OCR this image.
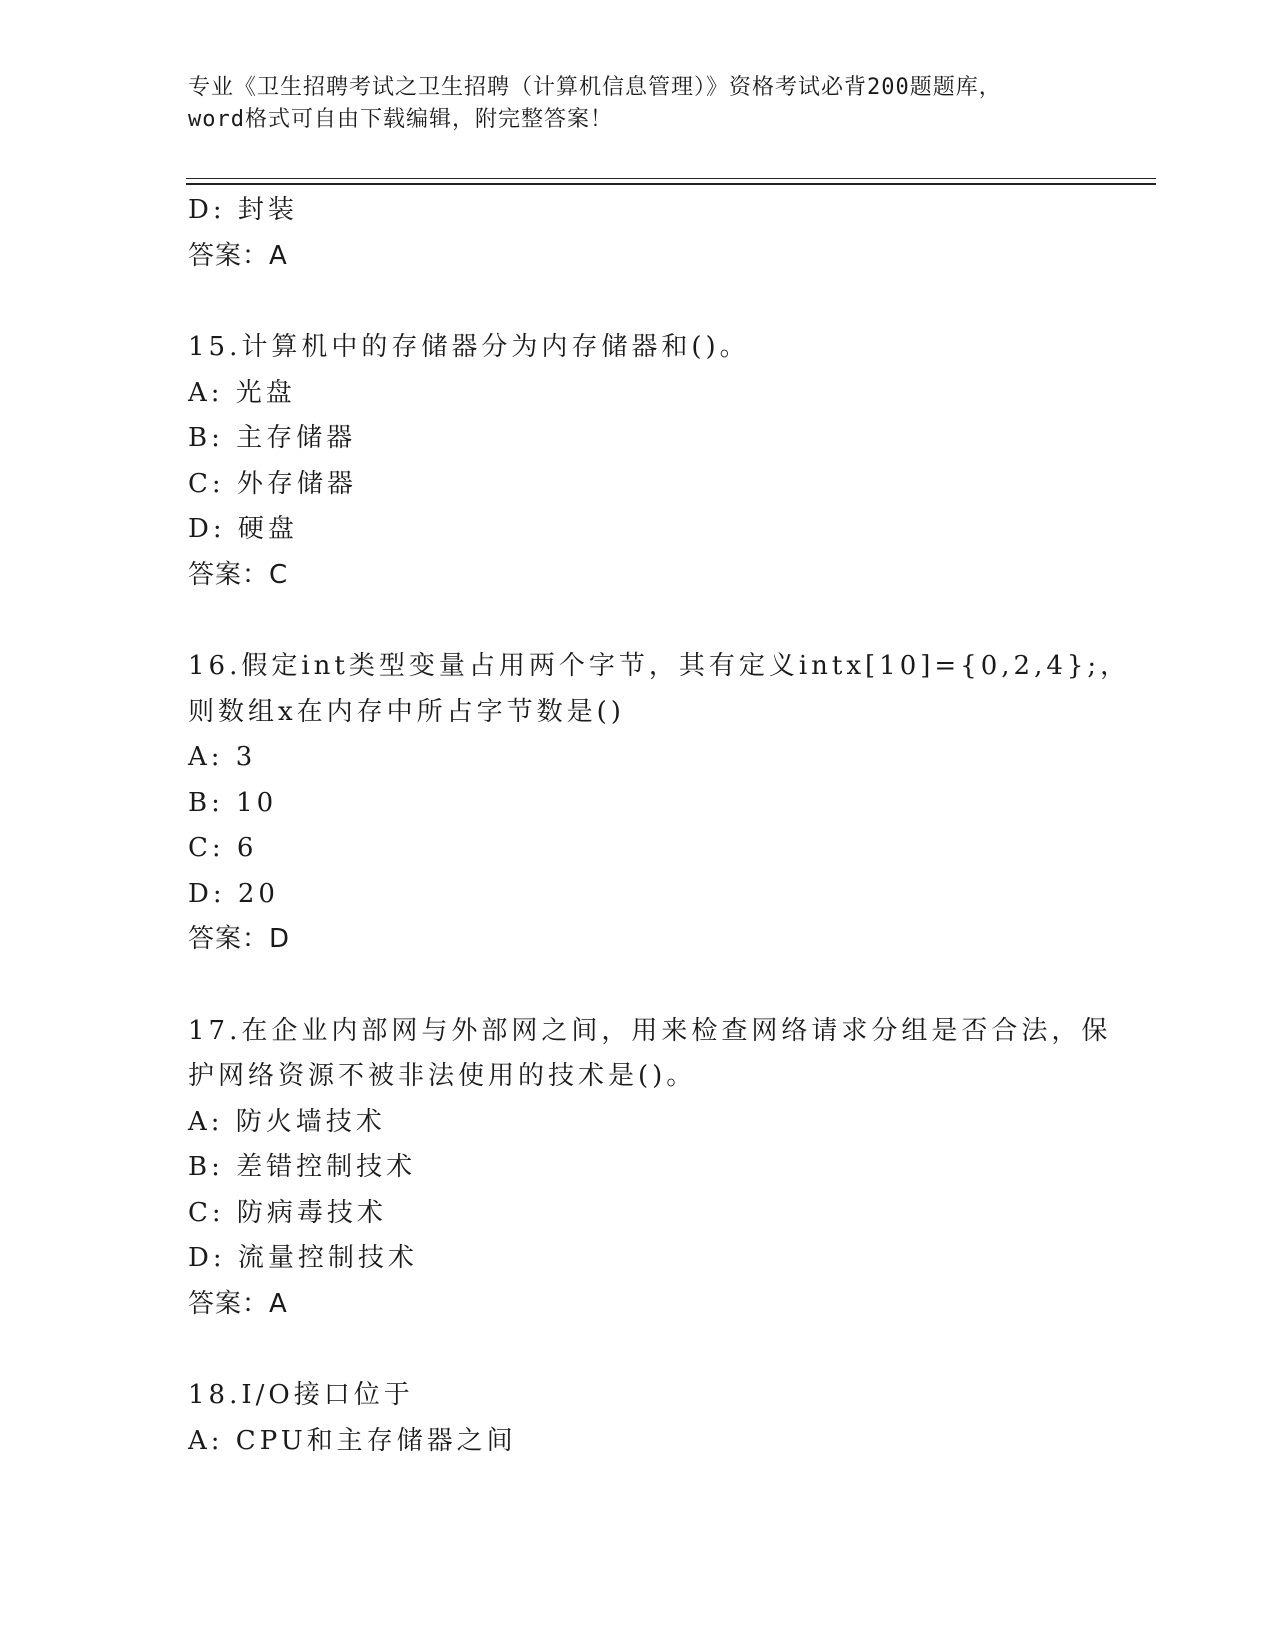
专业《卫生招聘考试之卫生招聘（计算机信息管理）》资格考试必背200题题库，
word格式可自由下载编辑，附完整答案！
D: 封装
答案：A
15.计算机中的存储器分为内存储器和()。
A: 光盘
B: 主存储器
C: 外存储器
D: 硬盘
答案：C
16.假定int类型变量占用两个字节，其有定义intx[10]={0,2,4};，
则数组x在内存中所占字节数是()
A: 3
B: 10
C: 6
D: 20
答案：D
17.在企业内部网与外部网之间，用来检查网络请求分组是否合法，保
护网络资源不被非法使用的技术是()。
A: 防火墙技术
B: 差错控制技术
C: 防病毒技术
D: 流量控制技术
答案：A
18.I/O接口位于
A: CPU和主存储器之间
